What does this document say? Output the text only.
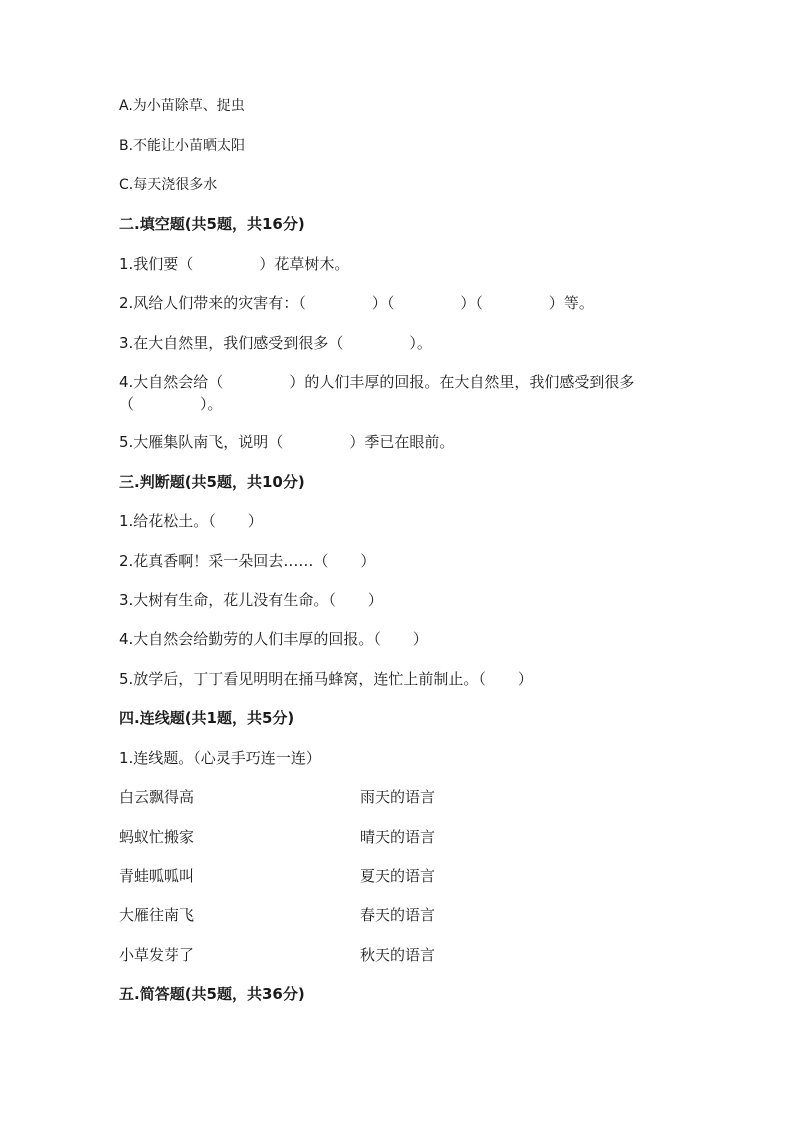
A.为小苗除草、捉虫
B.不能让小苗晒太阳
C.每天浇很多水
二.填空题(共5题，共16分)
1.我们要（	）花草树木。
2.风给人们带来的灾害有：（	）（	）（	）等。
3.在大自然里，我们感受到很多（	）。
4.大自然会给（	）的人们丰厚的回报。在大自然里，我们感受到很多
（	）。
5.大雁集队南飞，说明（	）季已在眼前。
三.判断题(共5题，共10分)
1.给花松土。（ ）
2.花真香啊！采一朵回去……（ ）
3.大树有生命，花儿没有生命。（ ）
4.大自然会给勤劳的人们丰厚的回报。（ ）
5.放学后，丁丁看见明明在捅马蜂窝，连忙上前制止。（ ）
四.连线题(共1题，共5分)
1.连线题。（心灵手巧连一连）
白云飘得高	雨天的语言
蚂蚁忙搬家	晴天的语言
青蛙呱呱叫	夏天的语言
大雁往南飞	春天的语言
小草发芽了	秋天的语言
五.简答题(共5题，共36分)
